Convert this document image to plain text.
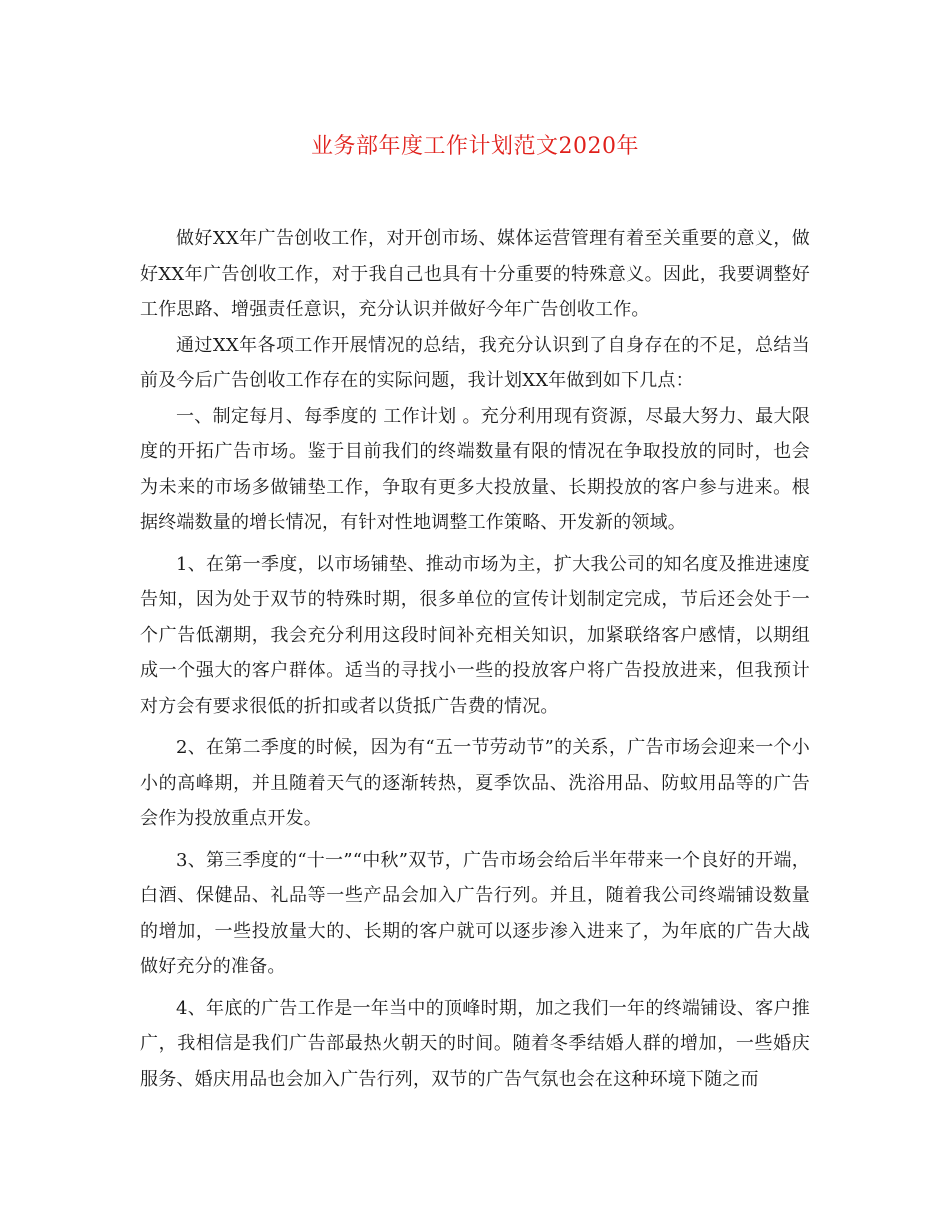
业务部年度工作计划范文2020年

做好XX年广告创收工作，对开创市场、媒体运营管理有着至关重要的意义，做好XX年广告创收工作，对于我自己也具有十分重要的特殊意义。因此，我要调整好工作思路、增强责任意识，充分认识并做好今年广告创收工作。

通过XX年各项工作开展情况的总结，我充分认识到了自身存在的不足，总结当前及今后广告创收工作存在的实际问题，我计划XX年做到如下几点：

一、制定每月、每季度的 工作计划 。充分利用现有资源，尽最大努力、最大限度的开拓广告市场。鉴于目前我们的终端数量有限的情况在争取投放的同时，也会为未来的市场多做铺垫工作，争取有更多大投放量、长期投放的客户参与进来。根据终端数量的增长情况，有针对性地调整工作策略、开发新的领域。

1、在第一季度，以市场铺垫、推动市场为主，扩大我公司的知名度及推进速度告知，因为处于双节的特殊时期，很多单位的宣传计划制定完成，节后还会处于一个广告低潮期，我会充分利用这段时间补充相关知识，加紧联络客户感情，以期组成一个强大的客户群体。适当的寻找小一些的投放客户将广告投放进来，但我预计对方会有要求很低的折扣或者以货抵广告费的情况。

2、在第二季度的时候，因为有“五一节劳动节”的关系，广告市场会迎来一个小小的高峰期，并且随着天气的逐渐转热，夏季饮品、洗浴用品、防蚊用品等的广告会作为投放重点开发。

3、第三季度的“十一”“中秋”双节，广告市场会给后半年带来一个良好的开端，白酒、保健品、礼品等一些产品会加入广告行列。并且，随着我公司终端铺设数量的增加，一些投放量大的、长期的客户就可以逐步渗入进来了，为年底的广告大战做好充分的准备。

4、年底的广告工作是一年当中的顶峰时期，加之我们一年的终端铺设、客户推广，我相信是我们广告部最热火朝天的时间。随着冬季结婚人群的增加，一些婚庆服务、婚庆用品也会加入广告行列，双节的广告气氛也会在这种环境下随之而
